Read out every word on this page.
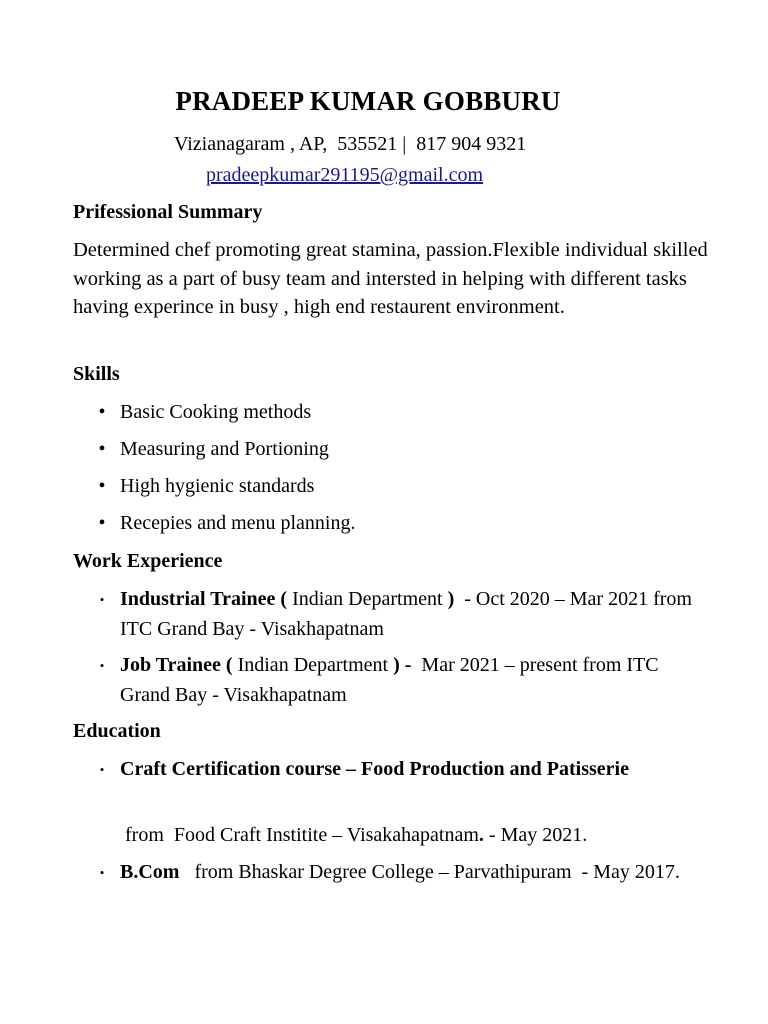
PRADEEP KUMAR GOBBURU
Vizianagaram , AP,  535521 |  817 904 9321
pradeepkumar291195@gmail.com
Prifessional Summary
Determined chef promoting great stamina, passion.Flexible individual skilled working as a part of busy team and intersted in helping with different tasks having experince in busy , high end restaurent environment.
Skills
• Basic Cooking methods
• Measuring and Portioning
• High hygienic standards
• Recepies and menu planning.
Work Experience
• Industrial Trainee ( Indian Department )  - Oct 2020 – Mar 2021 from ITC Grand Bay - Visakhapatnam
• Job Trainee ( Indian Department ) -  Mar 2021 – present from ITC Grand Bay - Visakhapatnam
Education
• Craft Certification course – Food Production and Patisserie
from  Food Craft Institite – Visakahapatnam. - May 2021.
• B.Com   from Bhaskar Degree College – Parvathipuram  - May 2017.
